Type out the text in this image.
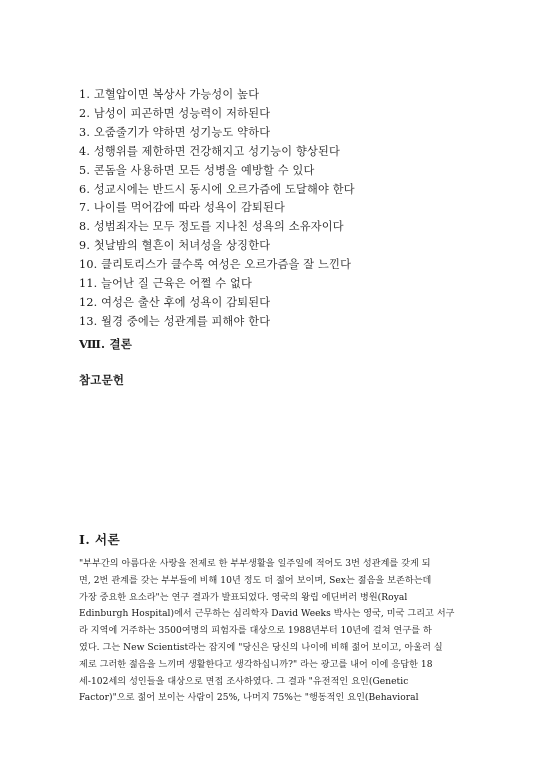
1. 고혈압이면 복상사 가능성이 높다
2. 남성이 피곤하면 성능력이 저하된다
3. 오줌줄기가 약하면 성기능도 약하다
4. 성행위를 제한하면 건강해지고 성기능이 향상된다
5. 콘돔을 사용하면 모든 성병을 예방할 수 있다
6. 성교시에는 반드시 동시에 오르가즘에 도달해야 한다
7. 나이를 먹어감에 따라 성욕이 감퇴된다
8. 성범죄자는 모두 정도를 지나친 성욕의 소유자이다
9. 첫날밤의 혈흔이 처녀성을 상징한다
10. 클리토리스가 클수록 여성은 오르가즘을 잘 느낀다
11. 늘어난 질 근육은 어쩔 수 없다
12. 여성은 출산 후에 성욕이 감퇴된다
13. 월경 중에는 성관계를 피해야 한다
Ⅷ. 결론
참고문헌
Ⅰ. 서론
"부부간의 아름다운 사랑을 전제로 한 부부생활을 일주일에 적어도 3번 성관계를 갖게 되
면, 2번 관계를 갖는 부부들에 비해 10년 정도 더 젊어 보이며, Sex는 젊음을 보존하는데
가장 중요한 요소라"는 연구 결과가 발표되었다. 영국의 왕립 에딘버러 병원(Royal
Edinburgh Hospital)에서 근무하는 심리학자 David Weeks 박사는 영국, 미국 그리고 서구
라 지역에 거주하는 3500여명의 피험자를 대상으로 1988년부터 10년에 걸쳐 연구를 하
였다. 그는 New Scientist라는 잡지에 "당신은 당신의 나이에 비해 젊어 보이고, 아울러 실
제로 그러한 젊음을 느끼며 생활한다고 생각하십니까?" 라는 광고를 내어 이에 응답한 18
세-102세의 성인들을 대상으로 면접 조사하였다. 그 결과 "유전적인 요인(Genetic
Factor)"으로 젊어 보이는 사람이 25%, 나머지 75%는 "행동적인 요인(Behavioral
